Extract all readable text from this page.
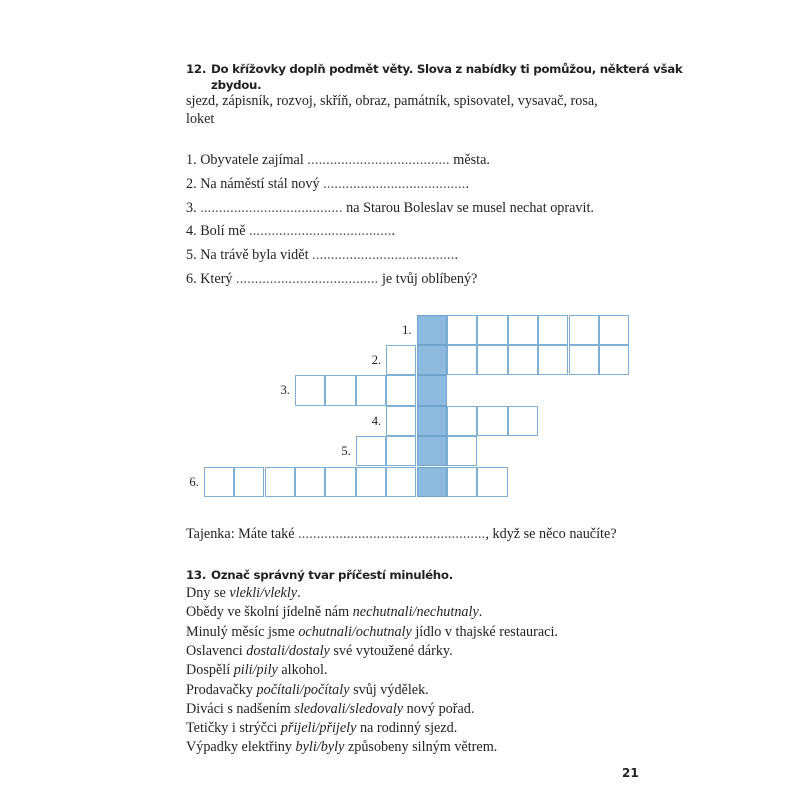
12. Do křížovky doplň podmět věty. Slova z nabídky ti pomůžou, některá však
zbydou.
sjezd, zápisník, rozvoj, skříň, obraz, památník, spisovatel, vysavač, rosa,
loket
1. Obyvatele zajímal ...................................... města.
2. Na náměstí stál nový .......................................
3. ...................................... na Starou Boleslav se musel nechat opravit.
4. Bolí mě .......................................
5. Na trávě byla vidět .......................................
6. Který ...................................... je tvůj oblíbený?
1.
2.
3.
4.
5.
6.
Tajenka: Máte také .................................................., když se něco naučíte?
13. Označ správný tvar příčestí minulého.
Dny se vlekli/vlekly.
Obědy ve školní jídelně nám nechutnali/nechutnaly.
Minulý měsíc jsme ochutnali/ochutnaly jídlo v thajské restauraci.
Oslavenci dostali/dostaly své vytoužené dárky.
Dospělí pili/pily alkohol.
Prodavačky počítali/počítaly svůj výdělek.
Diváci s nadšením sledovali/sledovaly nový pořad.
Tetičky i strýčci přijeli/přijely na rodinný sjezd.
Výpadky elektřiny byli/byly způsobeny silným větrem.
21
